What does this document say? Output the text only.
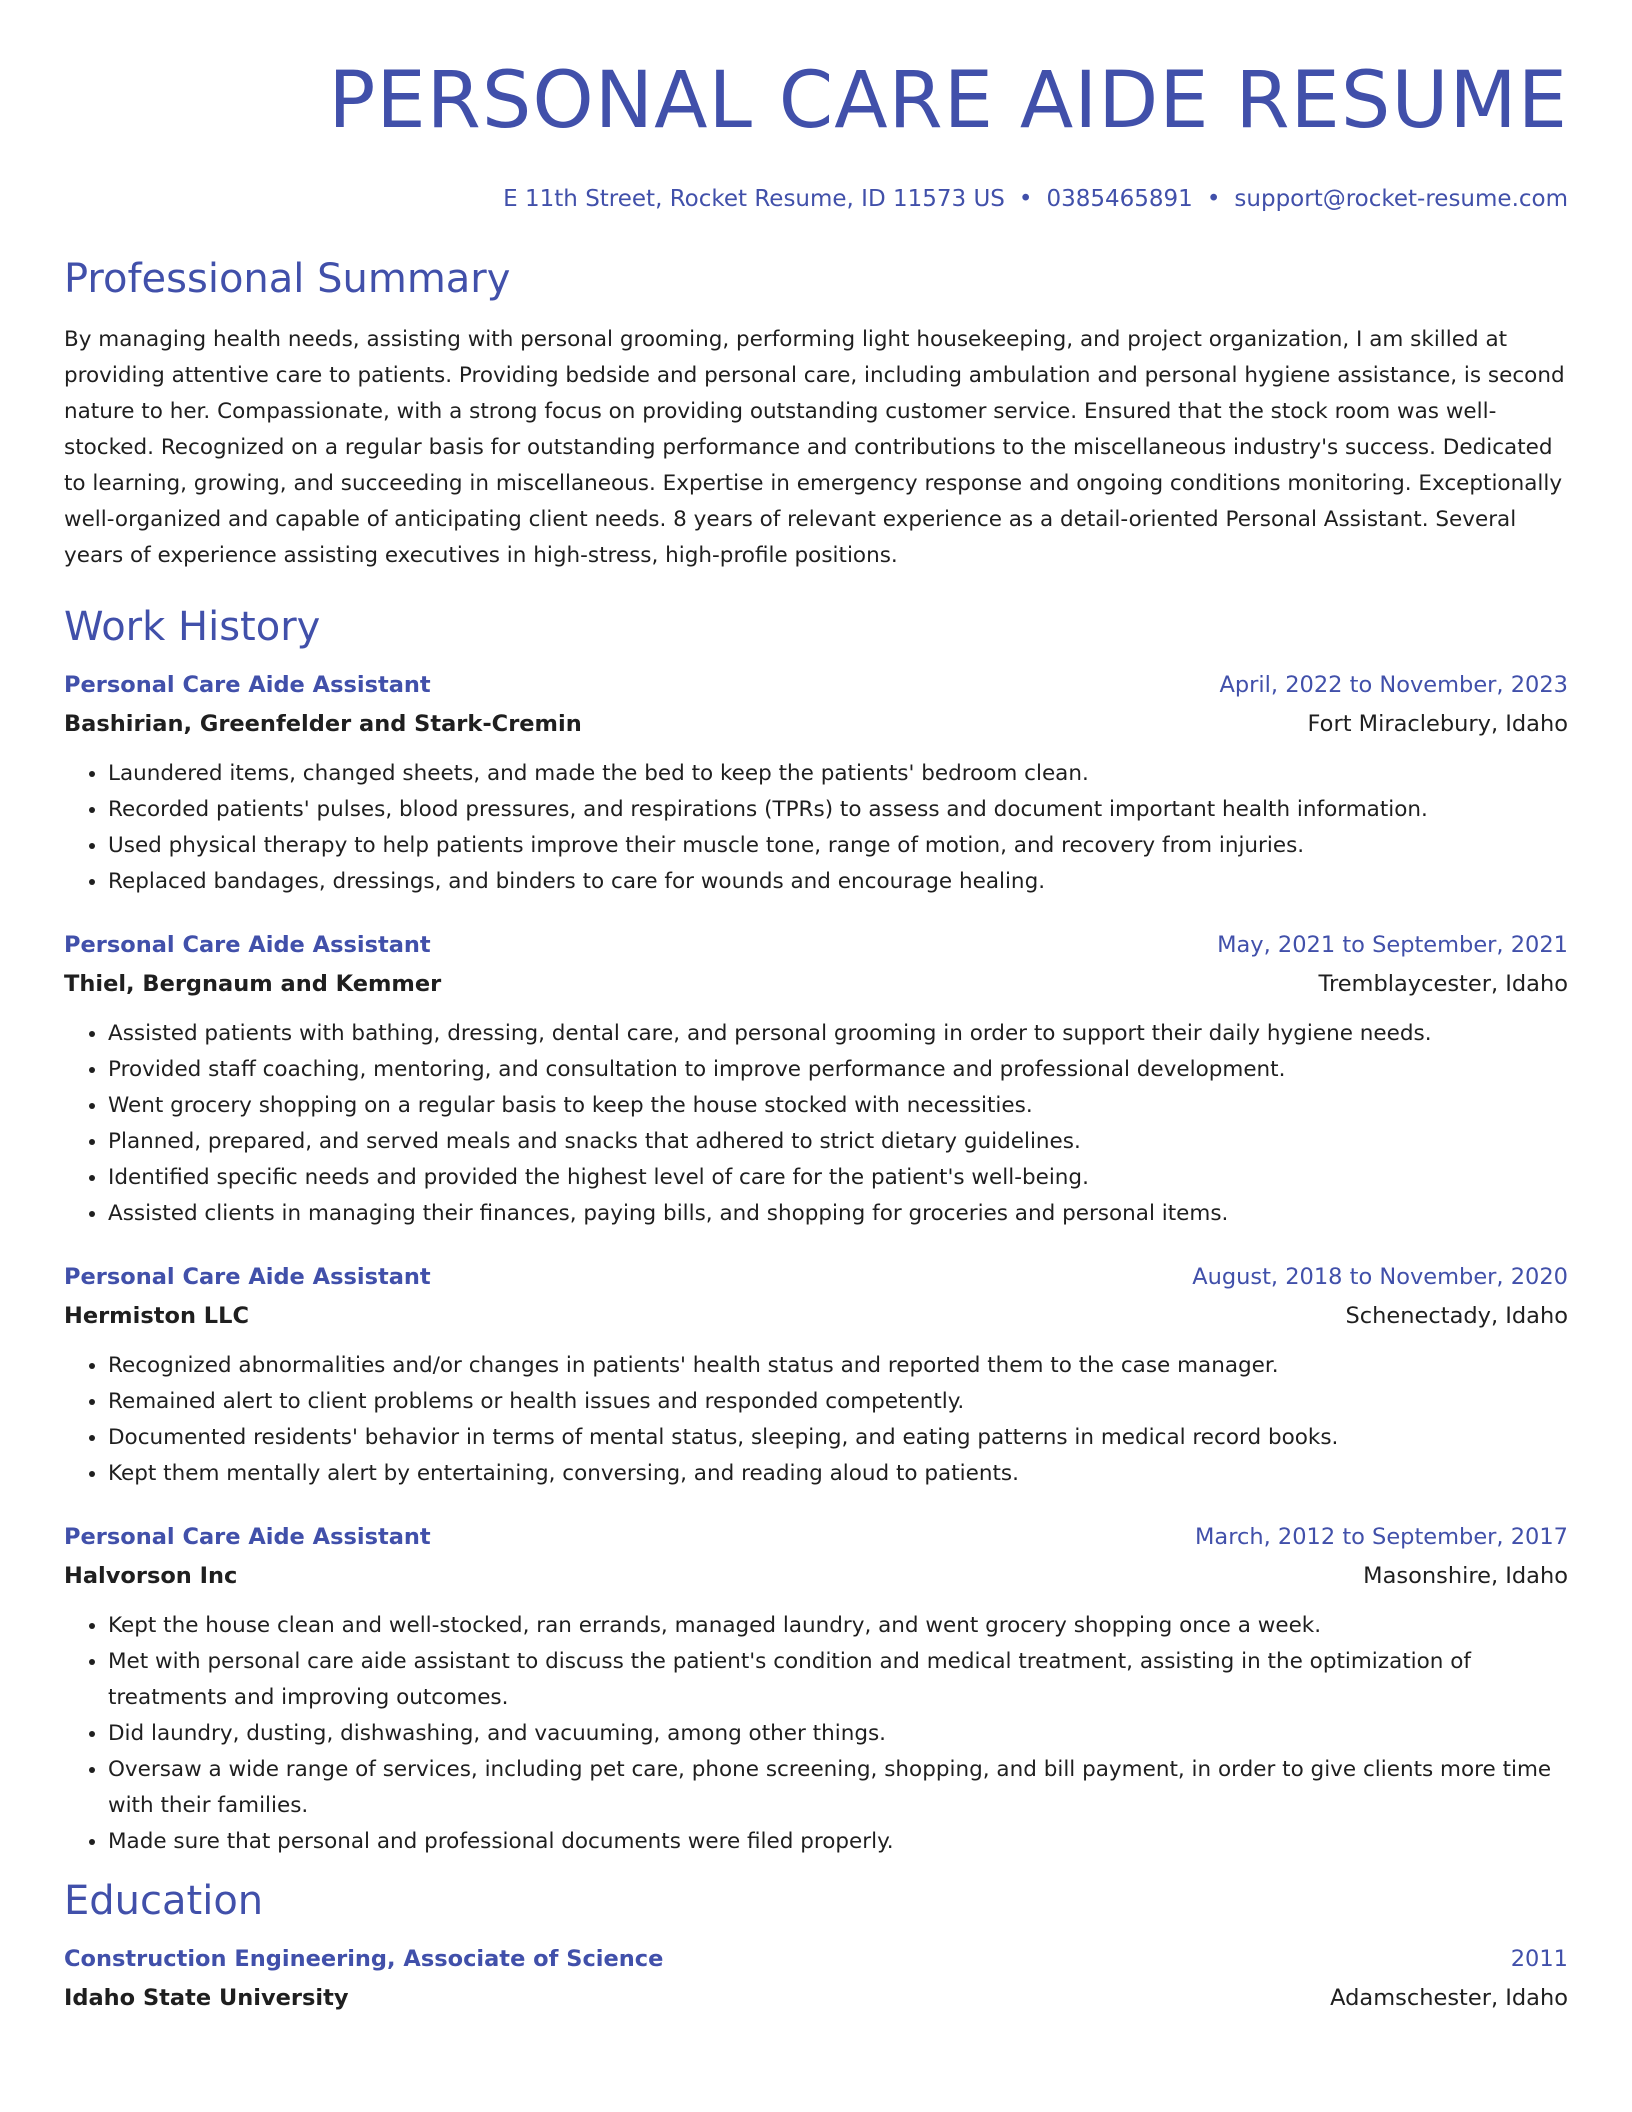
PERSONAL CARE AIDE RESUME
E 11th Street, Rocket Resume, ID 11573 US • 0385465891 • support@rocket-resume.com
Professional Summary
By managing health needs, assisting with personal grooming, performing light housekeeping, and project organization, I am skilled at providing attentive care to patients. Providing bedside and personal care, including ambulation and personal hygiene assistance, is second nature to her. Compassionate, with a strong focus on providing outstanding customer service. Ensured that the stock room was well-stocked. Recognized on a regular basis for outstanding performance and contributions to the miscellaneous industry's success. Dedicated to learning, growing, and succeeding in miscellaneous. Expertise in emergency response and ongoing conditions monitoring. Exceptionally well-organized and capable of anticipating client needs. 8 years of relevant experience as a detail-oriented Personal Assistant. Several years of experience assisting executives in high-stress, high-profile positions.
Work History
Personal Care Aide Assistant	April, 2022 to November, 2023
Bashirian, Greenfelder and Stark-Cremin	Fort Miraclebury, Idaho
• Laundered items, changed sheets, and made the bed to keep the patients' bedroom clean.
• Recorded patients' pulses, blood pressures, and respirations (TPRs) to assess and document important health information.
• Used physical therapy to help patients improve their muscle tone, range of motion, and recovery from injuries.
• Replaced bandages, dressings, and binders to care for wounds and encourage healing.
Personal Care Aide Assistant	May, 2021 to September, 2021
Thiel, Bergnaum and Kemmer	Tremblaycester, Idaho
• Assisted patients with bathing, dressing, dental care, and personal grooming in order to support their daily hygiene needs.
• Provided staff coaching, mentoring, and consultation to improve performance and professional development.
• Went grocery shopping on a regular basis to keep the house stocked with necessities.
• Planned, prepared, and served meals and snacks that adhered to strict dietary guidelines.
• Identified specific needs and provided the highest level of care for the patient's well-being.
• Assisted clients in managing their finances, paying bills, and shopping for groceries and personal items.
Personal Care Aide Assistant	August, 2018 to November, 2020
Hermiston LLC	Schenectady, Idaho
• Recognized abnormalities and/or changes in patients' health status and reported them to the case manager.
• Remained alert to client problems or health issues and responded competently.
• Documented residents' behavior in terms of mental status, sleeping, and eating patterns in medical record books.
• Kept them mentally alert by entertaining, conversing, and reading aloud to patients.
Personal Care Aide Assistant	March, 2012 to September, 2017
Halvorson Inc	Masonshire, Idaho
• Kept the house clean and well-stocked, ran errands, managed laundry, and went grocery shopping once a week.
• Met with personal care aide assistant to discuss the patient's condition and medical treatment, assisting in the optimization of treatments and improving outcomes.
• Did laundry, dusting, dishwashing, and vacuuming, among other things.
• Oversaw a wide range of services, including pet care, phone screening, shopping, and bill payment, in order to give clients more time with their families.
• Made sure that personal and professional documents were filed properly.
Education
Construction Engineering, Associate of Science	2011
Idaho State University	Adamschester, Idaho
